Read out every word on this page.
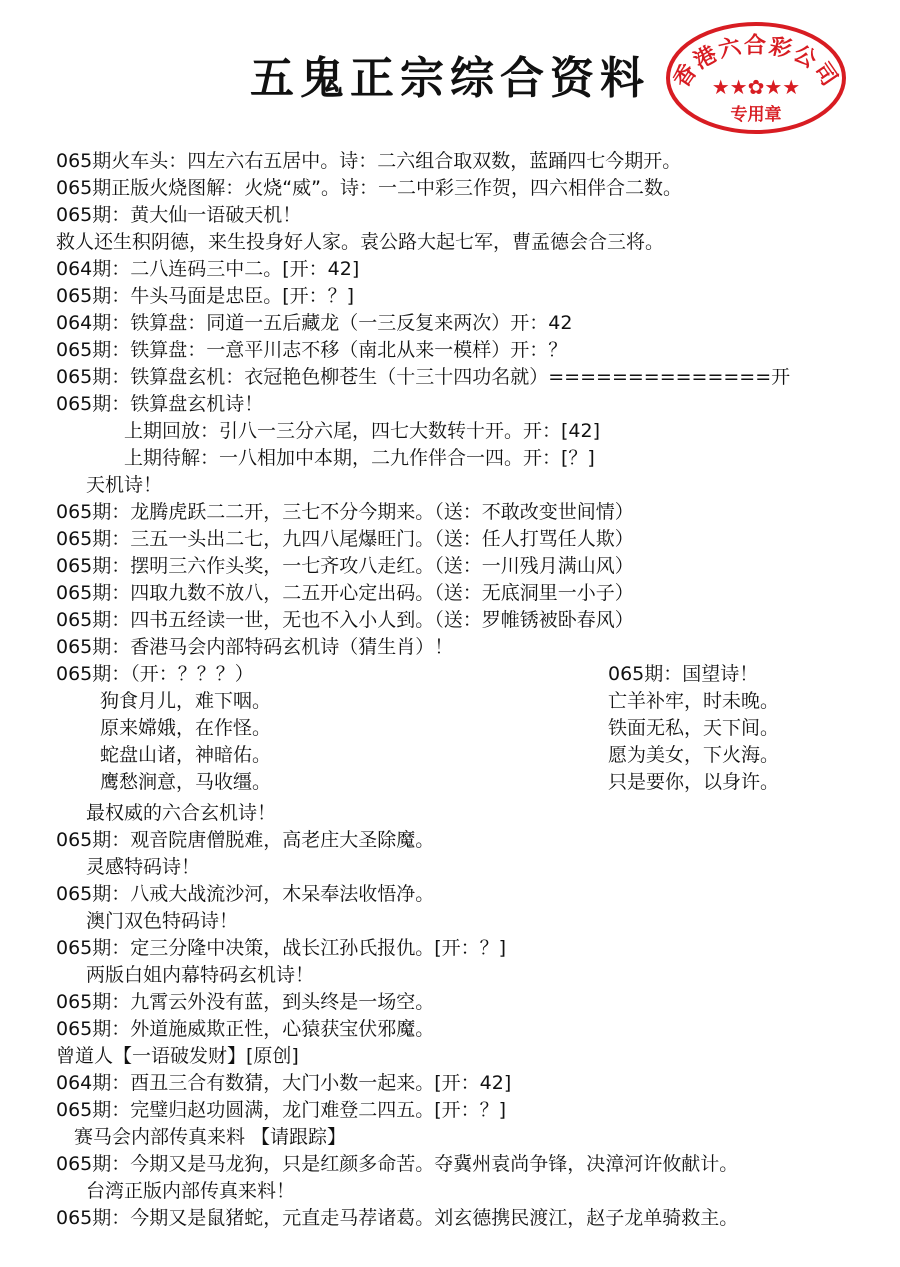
五鬼正宗综合资料 香港六合彩公司
★★✿★★
专用章
065期火车头：四左六右五居中。诗：二六组合取双数，蓝踊四七今期开。
065期正版火烧图解：火烧“威”。诗：一二中彩三作贺，四六相伴合二数。
065期：黄大仙一语破天机！
救人还生积阴德，来生投身好人家。袁公路大起七军，曹孟德会合三将。
064期：二八连码三中二。[开：42]
065期：牛头马面是忠臣。[开：？]
064期：铁算盘：同道一五后藏龙（一三反复来两次）开：42
065期：铁算盘：一意平川志不移（南北从来一模样）开：？
065期：铁算盘玄机：衣冠艳色柳苍生（十三十四功名就）==============开
065期：铁算盘玄机诗！
上期回放：引八一三分六尾，四七大数转十开。开：[42]
上期待解：一八相加中本期，二九作伴合一四。开：[？]
天机诗！
065期：龙腾虎跃二二开，三七不分今期来。（送：不敢改变世间情）
065期：三五一头出二七，九四八尾爆旺门。（送：任人打骂任人欺）
065期：摆明三六作头奖，一七齐攻八走红。（送：一川残月满山风）
065期：四取九数不放八，二五开心定出码。（送：无底洞里一小子）
065期：四书五经读一世，无也不入小人到。（送：罗帷锈被卧春风）
065期：香港马会内部特码玄机诗（猜生肖）！
065期：（开：？？？）
狗食月儿，难下咽。
原来嫦娥，在作怪。
蛇盘山诸，神暗佑。
鹰愁涧意，马收缰。
065期：国望诗！
亡羊补牢，时未晚。
铁面无私，天下间。
愿为美女，下火海。
只是要你，以身许。
最权威的六合玄机诗！
065期：观音院唐僧脱难，高老庄大圣除魔。
灵感特码诗！
065期：八戒大战流沙河，木呆奉法收悟净。
澳门双色特码诗！
065期：定三分隆中决策，战长江孙氏报仇。[开：？]
两版白姐内幕特码玄机诗！
065期：九霄云外没有蓝，到头终是一场空。
065期：外道施威欺正性，心猿获宝伏邪魔。
曾道人【一语破发财】[原创]
064期：酉丑三合有数猜，大门小数一起来。[开：42]
065期：完璧归赵功圆满，龙门难登二四五。[开：？]
赛马会内部传真来料 【请跟踪】
065期：今期又是马龙狗，只是红颜多命苦。夺冀州袁尚争锋，决漳河许攸献计。
台湾正版内部传真来料！
065期：今期又是鼠猪蛇，元直走马荐诸葛。刘玄德携民渡江，赵子龙单骑救主。
